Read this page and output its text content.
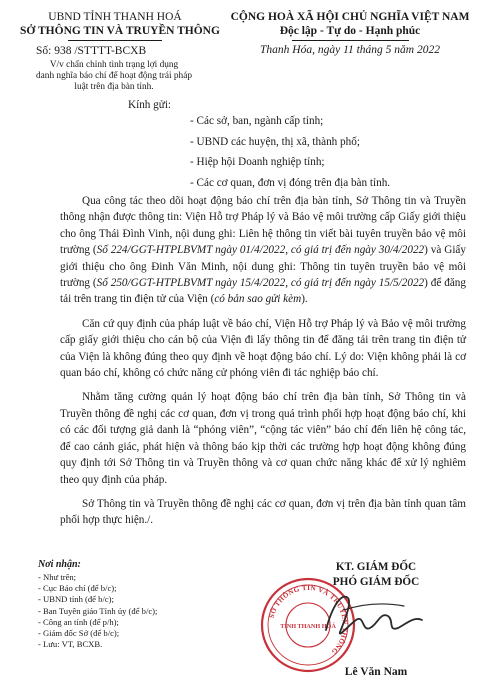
UBND TỈNH THANH HOÁ
SỞ THÔNG TIN VÀ TRUYỀN THÔNG
Số: 938 /STTTT-BCXB
V/v chấn chỉnh tình trạng lợi dụng
danh nghĩa báo chí để hoạt động trái pháp
luật trên địa bàn tỉnh.
CỘNG HOÀ XÃ HỘI CHỦ NGHĨA VIỆT NAM
Độc lập - Tự do - Hạnh phúc
Thanh Hóa, ngày 11 tháng 5 năm 2022
Kính gửi:
- Các sở, ban, ngành cấp tỉnh;
- UBND các huyện, thị xã, thành phố;
- Hiệp hội Doanh nghiệp tỉnh;
- Các cơ quan, đơn vị đóng trên địa bàn tỉnh.
Qua công tác theo dõi hoạt động báo chí trên địa bàn tỉnh, Sở Thông tin và Truyền thông nhận được thông tin: Viện Hỗ trợ Pháp lý và Bảo vệ môi trường cấp Giấy giới thiệu cho ông Thái Đình Vinh, nội dung ghi: Liên hệ thông tin viết bài tuyên truyền bảo vệ môi trường (Số 224/GGT-HTPLBVMT ngày 01/4/2022, có giá trị đến ngày 30/4/2022) và Giấy giới thiệu cho ông Đinh Văn Minh, nội dung ghi: Thông tin tuyên truyền bảo vệ môi trường (Số 250/GGT-HTPLBVMT ngày 15/4/2022, có giá trị đến ngày 15/5/2022) để đăng tải trên trang tin điện tử của Viện (có bản sao gửi kèm).
Căn cứ quy định của pháp luật về báo chí, Viện Hỗ trợ Pháp lý và Bảo vệ môi trường cấp giấy giới thiệu cho cán bộ của Viện đi lấy thông tin để đăng tải trên trang tin điện tử của Viện là không đúng theo quy định về hoạt động báo chí. Lý do: Viện không phải là cơ quan báo chí, không có chức năng cử phóng viên đi tác nghiệp báo chí.
Nhằm tăng cường quản lý hoạt động báo chí trên địa bàn tỉnh, Sở Thông tin và Truyền thông đề nghị các cơ quan, đơn vị trong quá trình phối hợp hoạt động báo chí, khi có các đối tượng giả danh là “phóng viên”, “cộng tác viên” báo chí đến liên hệ công tác, để cao cảnh giác, phát hiện và thông báo kịp thời các trường hợp hoạt động không đúng quy định tới Sở Thông tin và Truyền thông và cơ quan chức năng khác để xử lý nghiêm theo quy định của pháp.
Sở Thông tin và Truyền thông đề nghị các cơ quan, đơn vị trên địa bàn tỉnh quan tâm phối hợp thực hiện./.
Nơi nhận:
- Như trên;
- Cục Báo chí (để b/c);
- UBND tỉnh (để b/c);
- Ban Tuyên giáo Tỉnh ủy (để b/c);
- Công an tỉnh (để p/h);
- Giám đốc Sở (để b/c);
- Lưu: VT, BCXB.
KT. GIÁM ĐỐC
PHÓ GIÁM ĐỐC
SỞ THÔNG TIN VÀ TRUYỀN THÔNG
TỈNH THANH HOÁ
Lê Văn Nam
